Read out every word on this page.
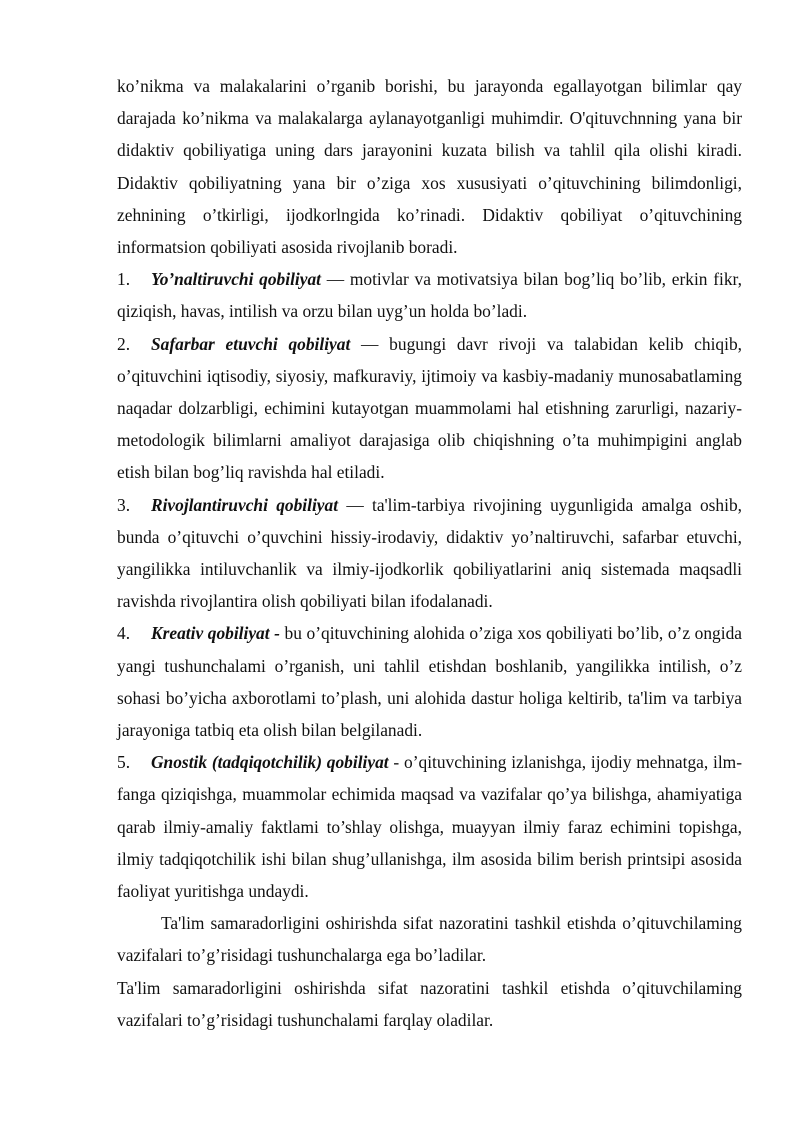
ko’nikma va malakalarini o’rganib borishi, bu jarayonda egallayotgan bilimlar qay darajada ko’nikma va malakalarga aylanayotganligi muhimdir. O'qituvchnning yana bir didaktiv qobiliyatiga uning dars jarayonini kuzata bilish va tahlil qila olishi kiradi. Didaktiv qobiliyatning yana bir o’ziga xos xususiyati o’qituvchining bilimdonligi, zehnining o’tkirligi, ijodkorlngida ko’rinadi. Didaktiv qobiliyat o’qituvchining informatsion qobiliyati asosida rivojlanib boradi.

1. Yo’naltiruvchi qobiliyat — motivlar va motivatsiya bilan bog’liq bo’lib, erkin fikr, qiziqish, havas, intilish va orzu bilan uyg’un holda bo’ladi.

2. Safarbar etuvchi qobiliyat — bugungi davr rivoji va talabidan kelib chiqib, o’qituvchini iqtisodiy, siyosiy, mafkuraviy, ijtimoiy va kasbiy-madaniy munosabatlaming naqadar dolzarbligi, echimini kutayotgan muammolami hal etishning zarurligi, nazariy-metodologik bilimlarni amaliyot darajasiga olib chiqishning o’ta muhimpigini anglab etish bilan bog’liq ravishda hal etiladi.

3. Rivojlantiruvchi qobiliyat — ta'lim-tarbiya rivojining uygunligida amalga oshib, bunda o’qituvchi o’quvchini hissiy-irodaviy, didaktiv yo’naltiruvchi, safarbar etuvchi, yangilikka intiluvchanlik va ilmiy-ijodkorlik qobiliyatlarini aniq sistemada maqsadli ravishda rivojlantira olish qobiliyati bilan ifodalanadi.

4. Kreativ qobiliyat - bu o’qituvchining alohida o’ziga xos qobiliyati bo’lib, o’z ongida yangi tushunchalami o’rganish, uni tahlil etishdan boshlanib, yangilikka intilish, o’z sohasi bo’yicha axborotlami to’plash, uni alohida dastur holiga keltirib, ta'lim va tarbiya jarayoniga tatbiq eta olish bilan belgilanadi.

5. Gnostik (tadqiqotchilik) qobiliyat - o’qituvchining izlanishga, ijodiy mehnatga, ilm-fanga qiziqishga, muammolar echimida maqsad va vazifalar qo’ya bilishga, ahamiyatiga qarab ilmiy-amaliy faktlami to’shlay olishga, muayyan ilmiy faraz echimini topishga, ilmiy tadqiqotchilik ishi bilan shug’ullanishga, ilm asosida bilim berish printsipi asosida faoliyat yuritishga undaydi.

Ta'lim samaradorligini oshirishda sifat nazoratini tashkil etishda o’qituvchilaming vazifalari to’g’risidagi tushunchalarga ega bo’ladilar.

Ta'lim samaradorligini oshirishda sifat nazoratini tashkil etishda o’qituvchilaming vazifalari to’g’risidagi tushunchalami farqlay oladilar.
